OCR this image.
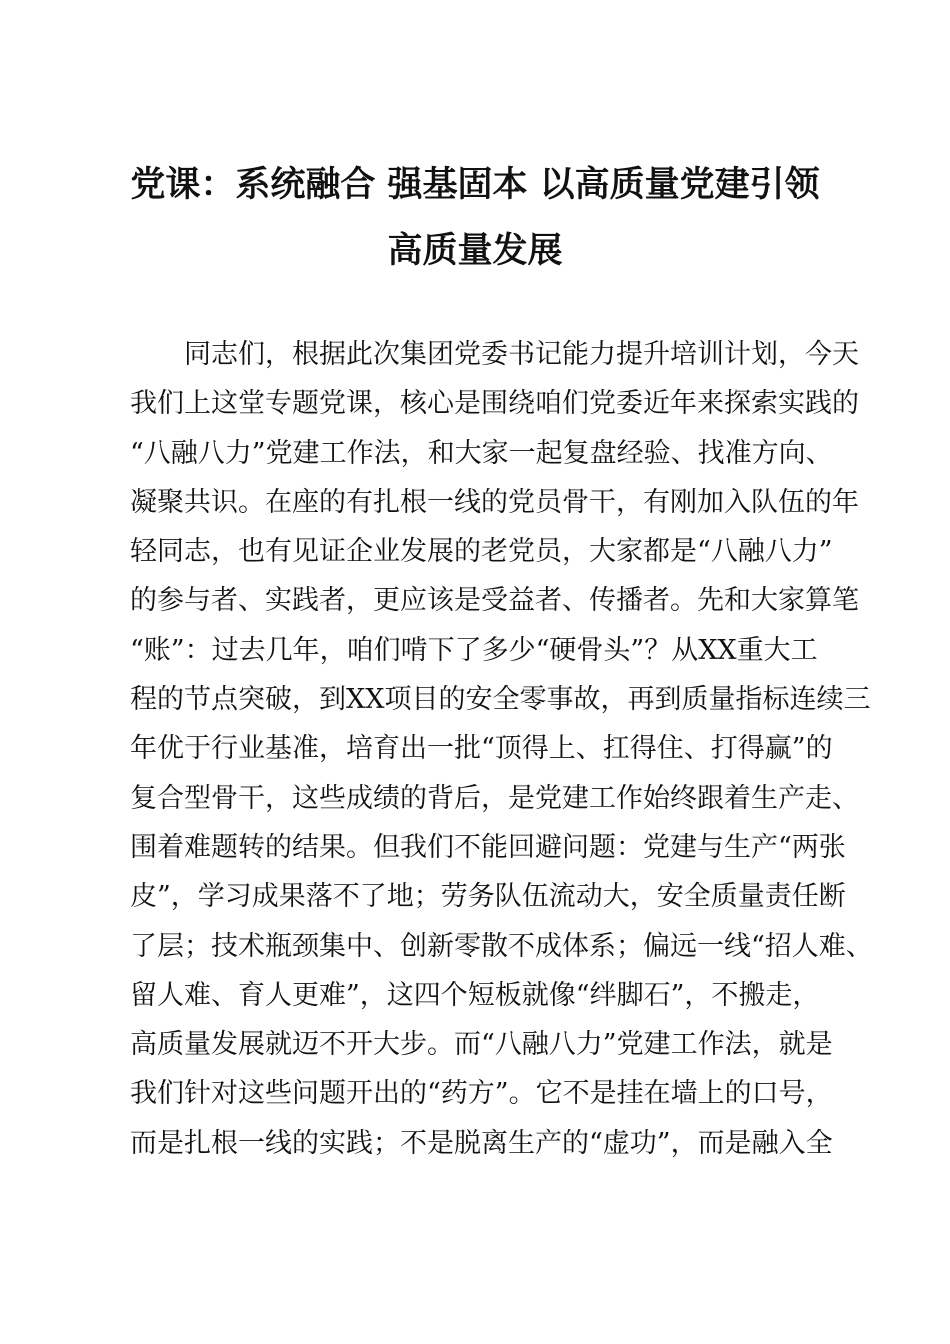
党课：系统融合 强基固本 以高质量党建引领
高质量发展
　　同志们，根据此次集团党委书记能力提升培训计划，今天
我们上这堂专题党课，核心是围绕咱们党委近年来探索实践的
“八融八力”党建工作法，和大家一起复盘经验、找准方向、
凝聚共识。在座的有扎根一线的党员骨干，有刚加入队伍的年
轻同志，也有见证企业发展的老党员，大家都是“八融八力”
的参与者、实践者，更应该是受益者、传播者。先和大家算笔
“账”：过去几年，咱们啃下了多少“硬骨头”？从XX重大工
程的节点突破，到XX项目的安全零事故，再到质量指标连续三
年优于行业基准，培育出一批“顶得上、扛得住、打得赢”的
复合型骨干，这些成绩的背后，是党建工作始终跟着生产走、
围着难题转的结果。但我们不能回避问题：党建与生产“两张
皮”，学习成果落不了地；劳务队伍流动大，安全质量责任断
了层；技术瓶颈集中、创新零散不成体系；偏远一线“招人难、
留人难、育人更难”，这四个短板就像“绊脚石”，不搬走，
高质量发展就迈不开大步。而“八融八力”党建工作法，就是
我们针对这些问题开出的“药方”。它不是挂在墙上的口号，
而是扎根一线的实践；不是脱离生产的“虚功”，而是融入全
